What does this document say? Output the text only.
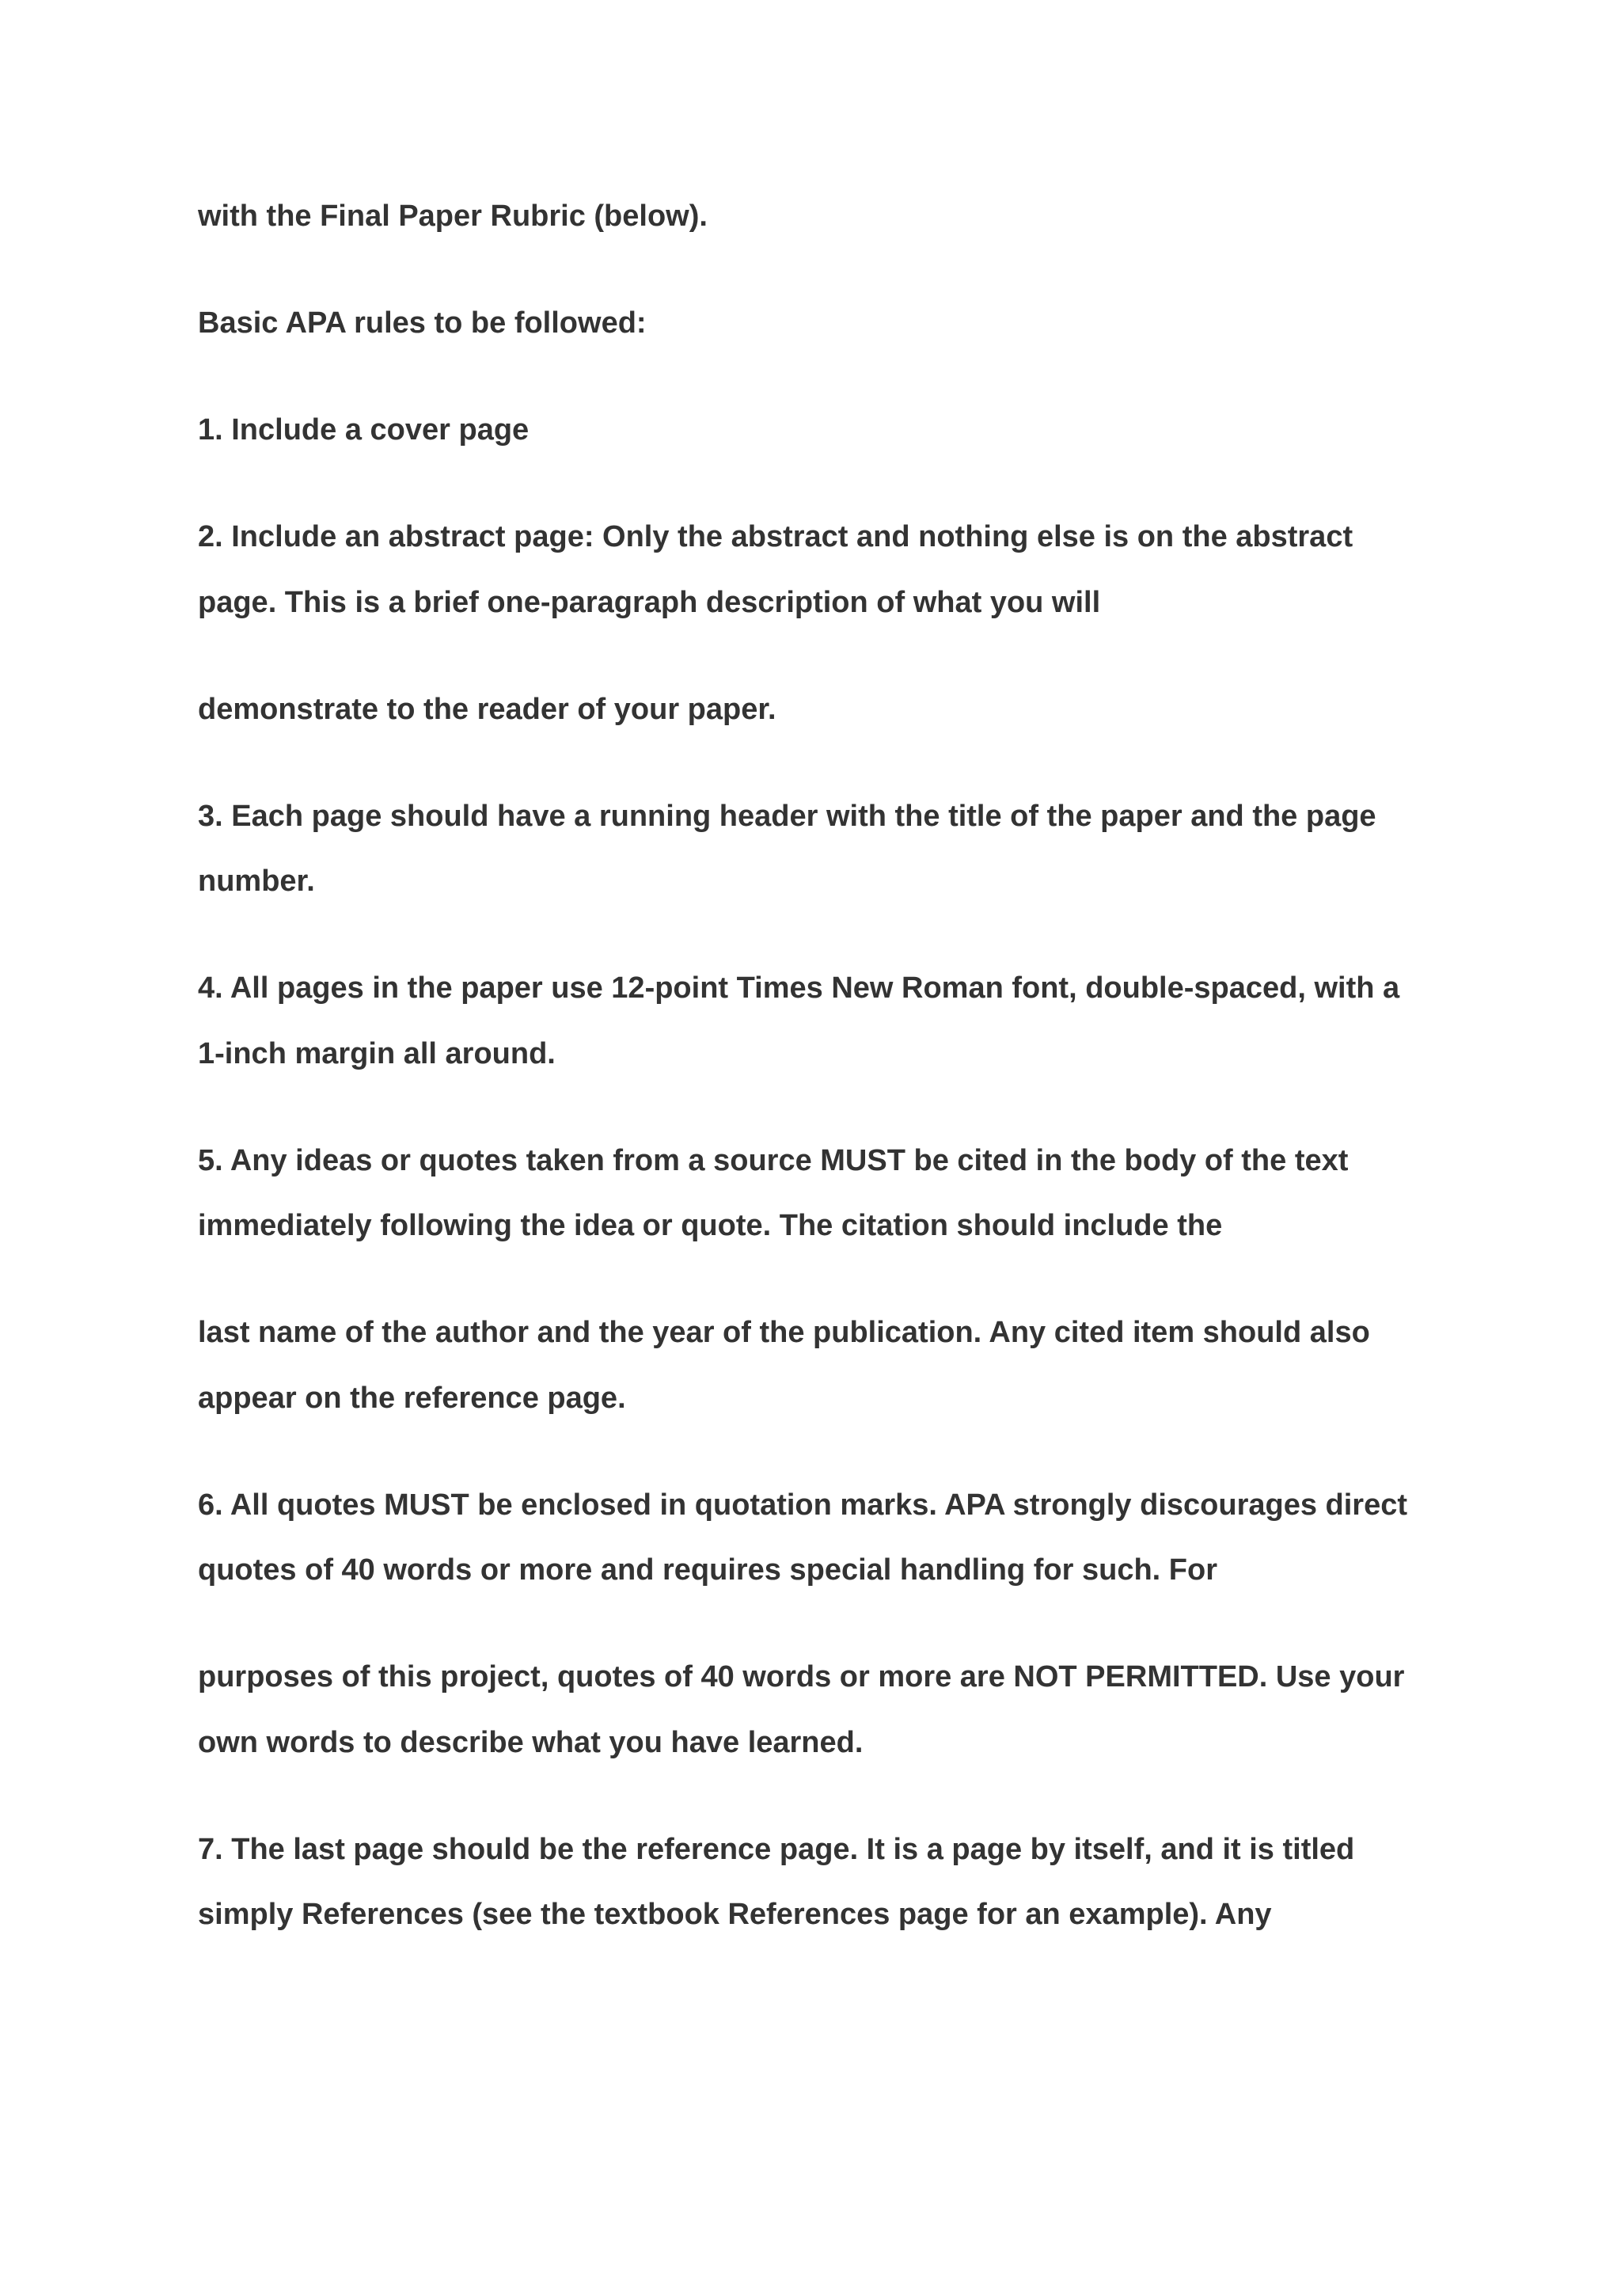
with the Final Paper Rubric (below).

Basic APA rules to be followed:

1. Include a cover page

2. Include an abstract page: Only the abstract and nothing else is on the abstract

page. This is a brief one-paragraph description of what you will

demonstrate to the reader of your paper.

3. Each page should have a running header with the title of the paper and the page

number.

4. All pages in the paper use 12-point Times New Roman font, double-spaced, with a

1-inch margin all around.

5. Any ideas or quotes taken from a source MUST be cited in the body of the text

immediately following the idea or quote. The citation should include the

last name of the author and the year of the publication. Any cited item should also

appear on the reference page.

6. All quotes MUST be enclosed in quotation marks. APA strongly discourages direct

quotes of 40 words or more and requires special handling for such. For

purposes of this project, quotes of 40 words or more are NOT PERMITTED. Use your

own words to describe what you have learned.

7. The last page should be the reference page. It is a page by itself, and it is titled

simply References (see the textbook References page for an example). Any
